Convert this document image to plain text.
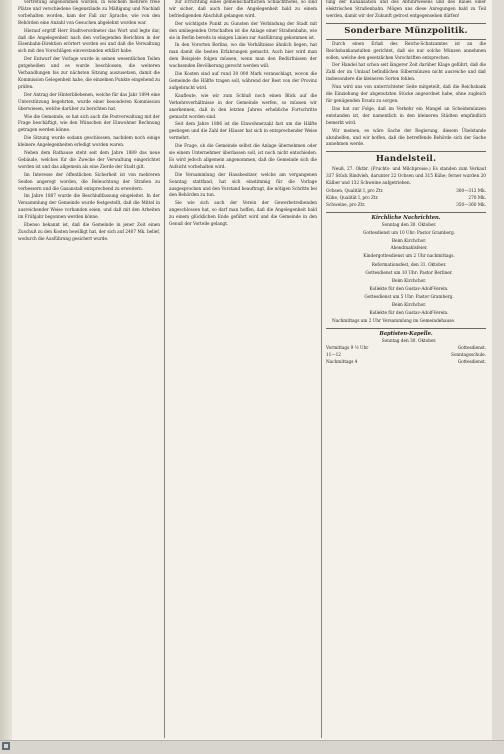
vertretung angenommen wurden, in welchem mehrere freie Plätze und verschiedene Gegenstände zu Mäßigung und Nachlaß vorbehalten worden, kam der Fall zur Sprache, wie von den Behörden eine Anzahl von Gesuchen abgelehnt worden war.

Hierauf ergriff Herr Stadtverordneter das Wort und legte dar, daß die Angelegenheit nach den vorliegenden Berichten in der Eisenbahn-Direktion erörtert worden sei und daß die Verwaltung sich mit den Vorschlägen einverstanden erklärt habe.

Der Entwurf der Vorlage wurde in seinen wesentlichen Teilen gutgeheißen und es wurde beschlossen, die weiteren Verhandlungen bis zur nächsten Sitzung auszusetzen, damit die Kommission Gelegenheit habe, die einzelnen Punkte eingehend zu prüfen.

Der Antrag der Hinterbliebenen, welche für das Jahr 1894 eine Unterstützung begehrten, wurde einer besonderen Kommission überwiesen, welche darüber zu berichten hat.

Wie die Gemeinde, so hat sich auch die Postverwaltung mit der Frage beschäftigt, wie den Wünschen der Einwohner Rechnung getragen werden könne.

Die Sitzung wurde sodann geschlossen, nachdem noch einige kleinere Angelegenheiten erledigt worden waren.

Neben dem Rathause steht seit dem Jahre 1889 das neue Gebäude, welches für die Zwecke der Verwaltung eingerichtet worden ist und das allgemein als eine Zierde der Stadt gilt.

Im Interesse der öffentlichen Sicherheit ist von mehreren Seiden angeregt worden, die Beleuchtung der Straßen zu verbessern und die Gasanstalt entsprechend zu erweitern.

Im Jahre 1887 wurde die Beschlußfassung eingeleitet. In der Versammlung der Gemeinde wurde festgestellt, daß die Mittel in ausreichender Weise vorhanden seien, und daß mit den Arbeiten im Frühjahr begonnen werden könne.

Ebenso bekannt ist, daß die Gemeinde in jener Zeit einen Zuschuß zu den Kosten bewilligt hat, der sich auf 2407 Mk. belief, wodurch die Ausführung gesichert wurde.

zur Errichtung eines gemeinschaftlichen Schlachthofes, so sind wir sicher, daß auch hier die Angelegenheit bald zu einem befriedigenden Abschluß gelangen wird.

Der wichtigste Punkt zu Gunsten der Verbindung der Stadt mit den umliegenden Ortschaften ist die Anlage einer Straßenbahn, wie sie in Berlin bereits in einigen Linien zur Ausführung gekommen ist.

In den Vororten Berlins, wo die Verhältnisse ähnlich liegen, hat man damit die besten Erfahrungen gemacht. Auch hier wird man dem Beispiele folgen müssen, wenn man den Bedürfnissen der wachsenden Bevölkerung gerecht werden will.

Die Kosten sind auf rund 30 000 Mark veranschlagt, wovon die Gemeinde die Hälfte tragen soll, während der Rest von der Provinz aufgebracht wird.

Kaufleute, wie wir zum Schluß noch einen Blick auf die Verkehrsverhältnisse in der Gemeinde werfen, so müssen wir anerkennen, daß in den letzten Jahren erhebliche Fortschritte gemacht worden sind.

Seit dem Jahre 1886 ist die Einwohnerzahl fast um die Hälfte gestiegen und die Zahl der Häuser hat sich in entsprechender Weise vermehrt.

Die Frage, ob die Gemeinde selbst die Anlage übernehmen oder sie einem Unternehmer überlassen soll, ist noch nicht entschieden. Es wird jedoch allgemein angenommen, daß die Gemeinde sich die Aufsicht vorbehalten wird.

Die Versammlung der Hausbesitzer, welche am vergangenen Sonntag stattfand, hat sich einstimmig für die Vorlage ausgesprochen und den Vorstand beauftragt, die nötigen Schritte bei den Behörden zu tun.

Sie wie sich auch der Verein der Gewerbetreibenden angeschlossen hat, so darf man hoffen, daß die Angelegenheit bald zu einem glücklichen Ende geführt wird und die Gemeinde in den Genuß der Vorteile gelangt.

lung der Kanalisation und des Abfuhrwesens und des Baues einer elektrischen Straßenbahn. Mögen uns diese Anregungen bald zu Teil werden, damit wir der Zukunft getrost entgegensehen dürfen!

Sonderbare Münzpolitik.

Durch einen Erlaß des Reichs-Schatzamtes ist an die Reichsbankanstalten gerichtet, daß sie nur solche Münzen annehmen sollen, welche den gesetzlichen Vorschriften entsprechen.

Der Handel hat schon seit längerer Zeit darüber Klage geführt, daß die Zahl der im Umlauf befindlichen Silbermünzen nicht ausreiche und daß insbesondere die kleineren Sorten fehlen.

Nun wird uns von unterrichteter Seite mitgeteilt, daß die Reichsbank die Einziehung der abgenutzten Stücke angeordnet habe, ohne zugleich für genügenden Ersatz zu sorgen.

Das hat zur Folge, daß im Verkehr ein Mangel an Scheidemünzen entstanden ist, der namentlich in den kleineren Städten empfindlich bemerkt wird.

Wir meinen, es wäre Sache der Regierung, diesem Übelstande abzuhelfen, und wir hoffen, daß die betreffende Behörde sich der Sache annehmen werde.

Handelsteil.

Neuß, 27. Oktbr. (Fruchts- und Milchpreise.) Es standen zum Verkauf 337 Stück Rindvieh, darunter 22 Ochsen und 315 Kühe; ferner wurden 20 Kälber und 132 Schweine aufgetrieben.

Ochsen, Qualität I, pro Ztr.	300—312 Mk.
Kühe, Qualität I, pro Ztr.	270 Mk.
Schweine, pro Ztr.	350—360 Mk.
Kirchliche Nachrichten.

Sonntag den 30. Oktober.

Gottesdienst um 10 Uhr: Pastor Gramberg.

Beim Kirchchor.

Abendmahlsfeier.

Kindergottesdienst um 2 Uhr nachmittags.

Reformationsfest, den 31. Oktober.

Gottesdienst um 10 Uhr: Pastor Berliner.

Beim Kirchchor.

Kollekte für den Gustav-Adolf-Verein.

Gottesdienst um 5 Uhr: Pastor Gramberg.

Beim Kirchchor.

Kollekte für den Gustav-Adolf-Verein.

Nachmittags um 2 Uhr Versammlung im Gemeindehause.

Baptisten-Kapelle.

Sonntag den 30. Oktober.

Vormittags 9 ½ Uhr	Gottesdienst.
11—12	Sonntagsschule.
Nachmittags 4	Gottesdienst.
